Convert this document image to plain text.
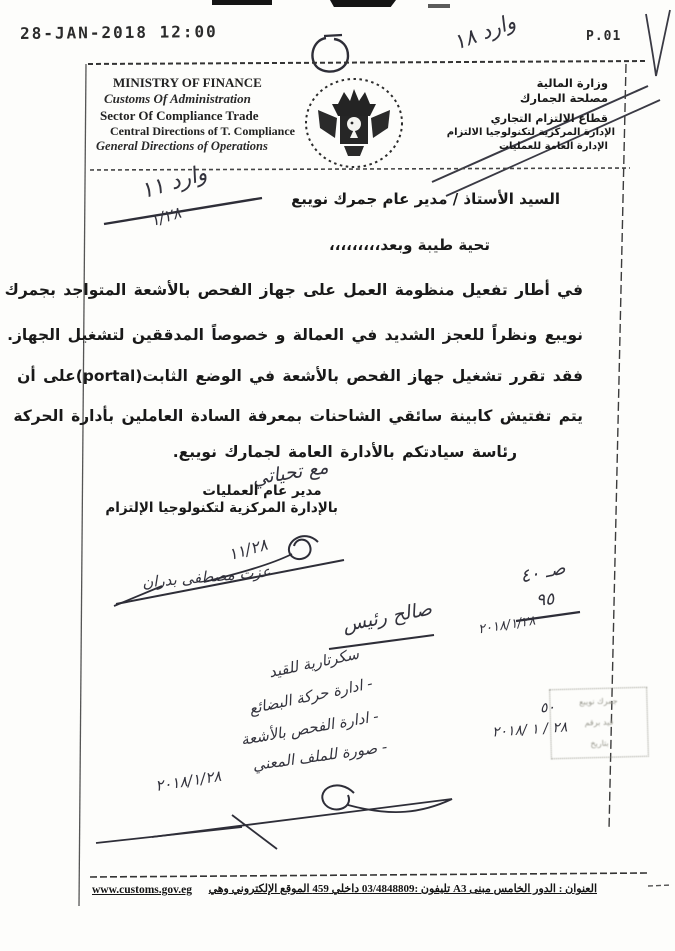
28-JAN-2018 12:00	P.01
وارد ١٨
MINISTRY OF FINANCE
Customs Of Administration
Sector Of Compliance Trade
Central Directions of T. Compliance
General Directions of Operations
وزارة المالية
مصلحة الجمارك
قطاع الالتزام التجاري
الإدارة المركزية لتكنولوجيا الالتزام
الإدارة العامة للعمليات
وارد ١١
١/٢٨
السيد الأستاذ / مدير عام جمرك نويبع
تحية طيبة وبعد،،،،،،،،،
في أطار تفعيل منظومة العمل على جهاز الفحص بالأشعة المتواجد بجمرك
نويبع ونظراً للعجز الشديد في العمالة و خصوصاً المدققين لتشغيل الجهاز.
فقد تقرر تشغيل جهاز الفحص بالأشعة في الوضع الثابت(portal)على أن
يتم تفتيش كابينة سائقي الشاحنات بمعرفة السادة العاملين بأدارة الحركة
رئاسة سيادتكم بالأدارة العامة لجمارك نويبع.
مع تحياتي
مدير عام العمليات
بالإدارة المركزية لتكنولوجيا الإلتزام
١١/٢٨
عزت مصطفى بدران	صـ ٤٠
٩٥
٢٠١٨/١/٢٨
صالح رئيس
سكرتارية للقيد
- ادارة حركة البضائع
- ادارة الفحص بالأشعة
- صورة للملف المعني
٢٠١٨/١/٢٨
جمرك نويبع
قيد برقم
بتاريخ
٥٠
٢٨ / ١ /٢٠١٨
العنوان : الدور الخامس مبنى A3 تليفون :03/4848809 داخلي 459 الموقع الإلكتروني وهي
www.customs.gov.eg
